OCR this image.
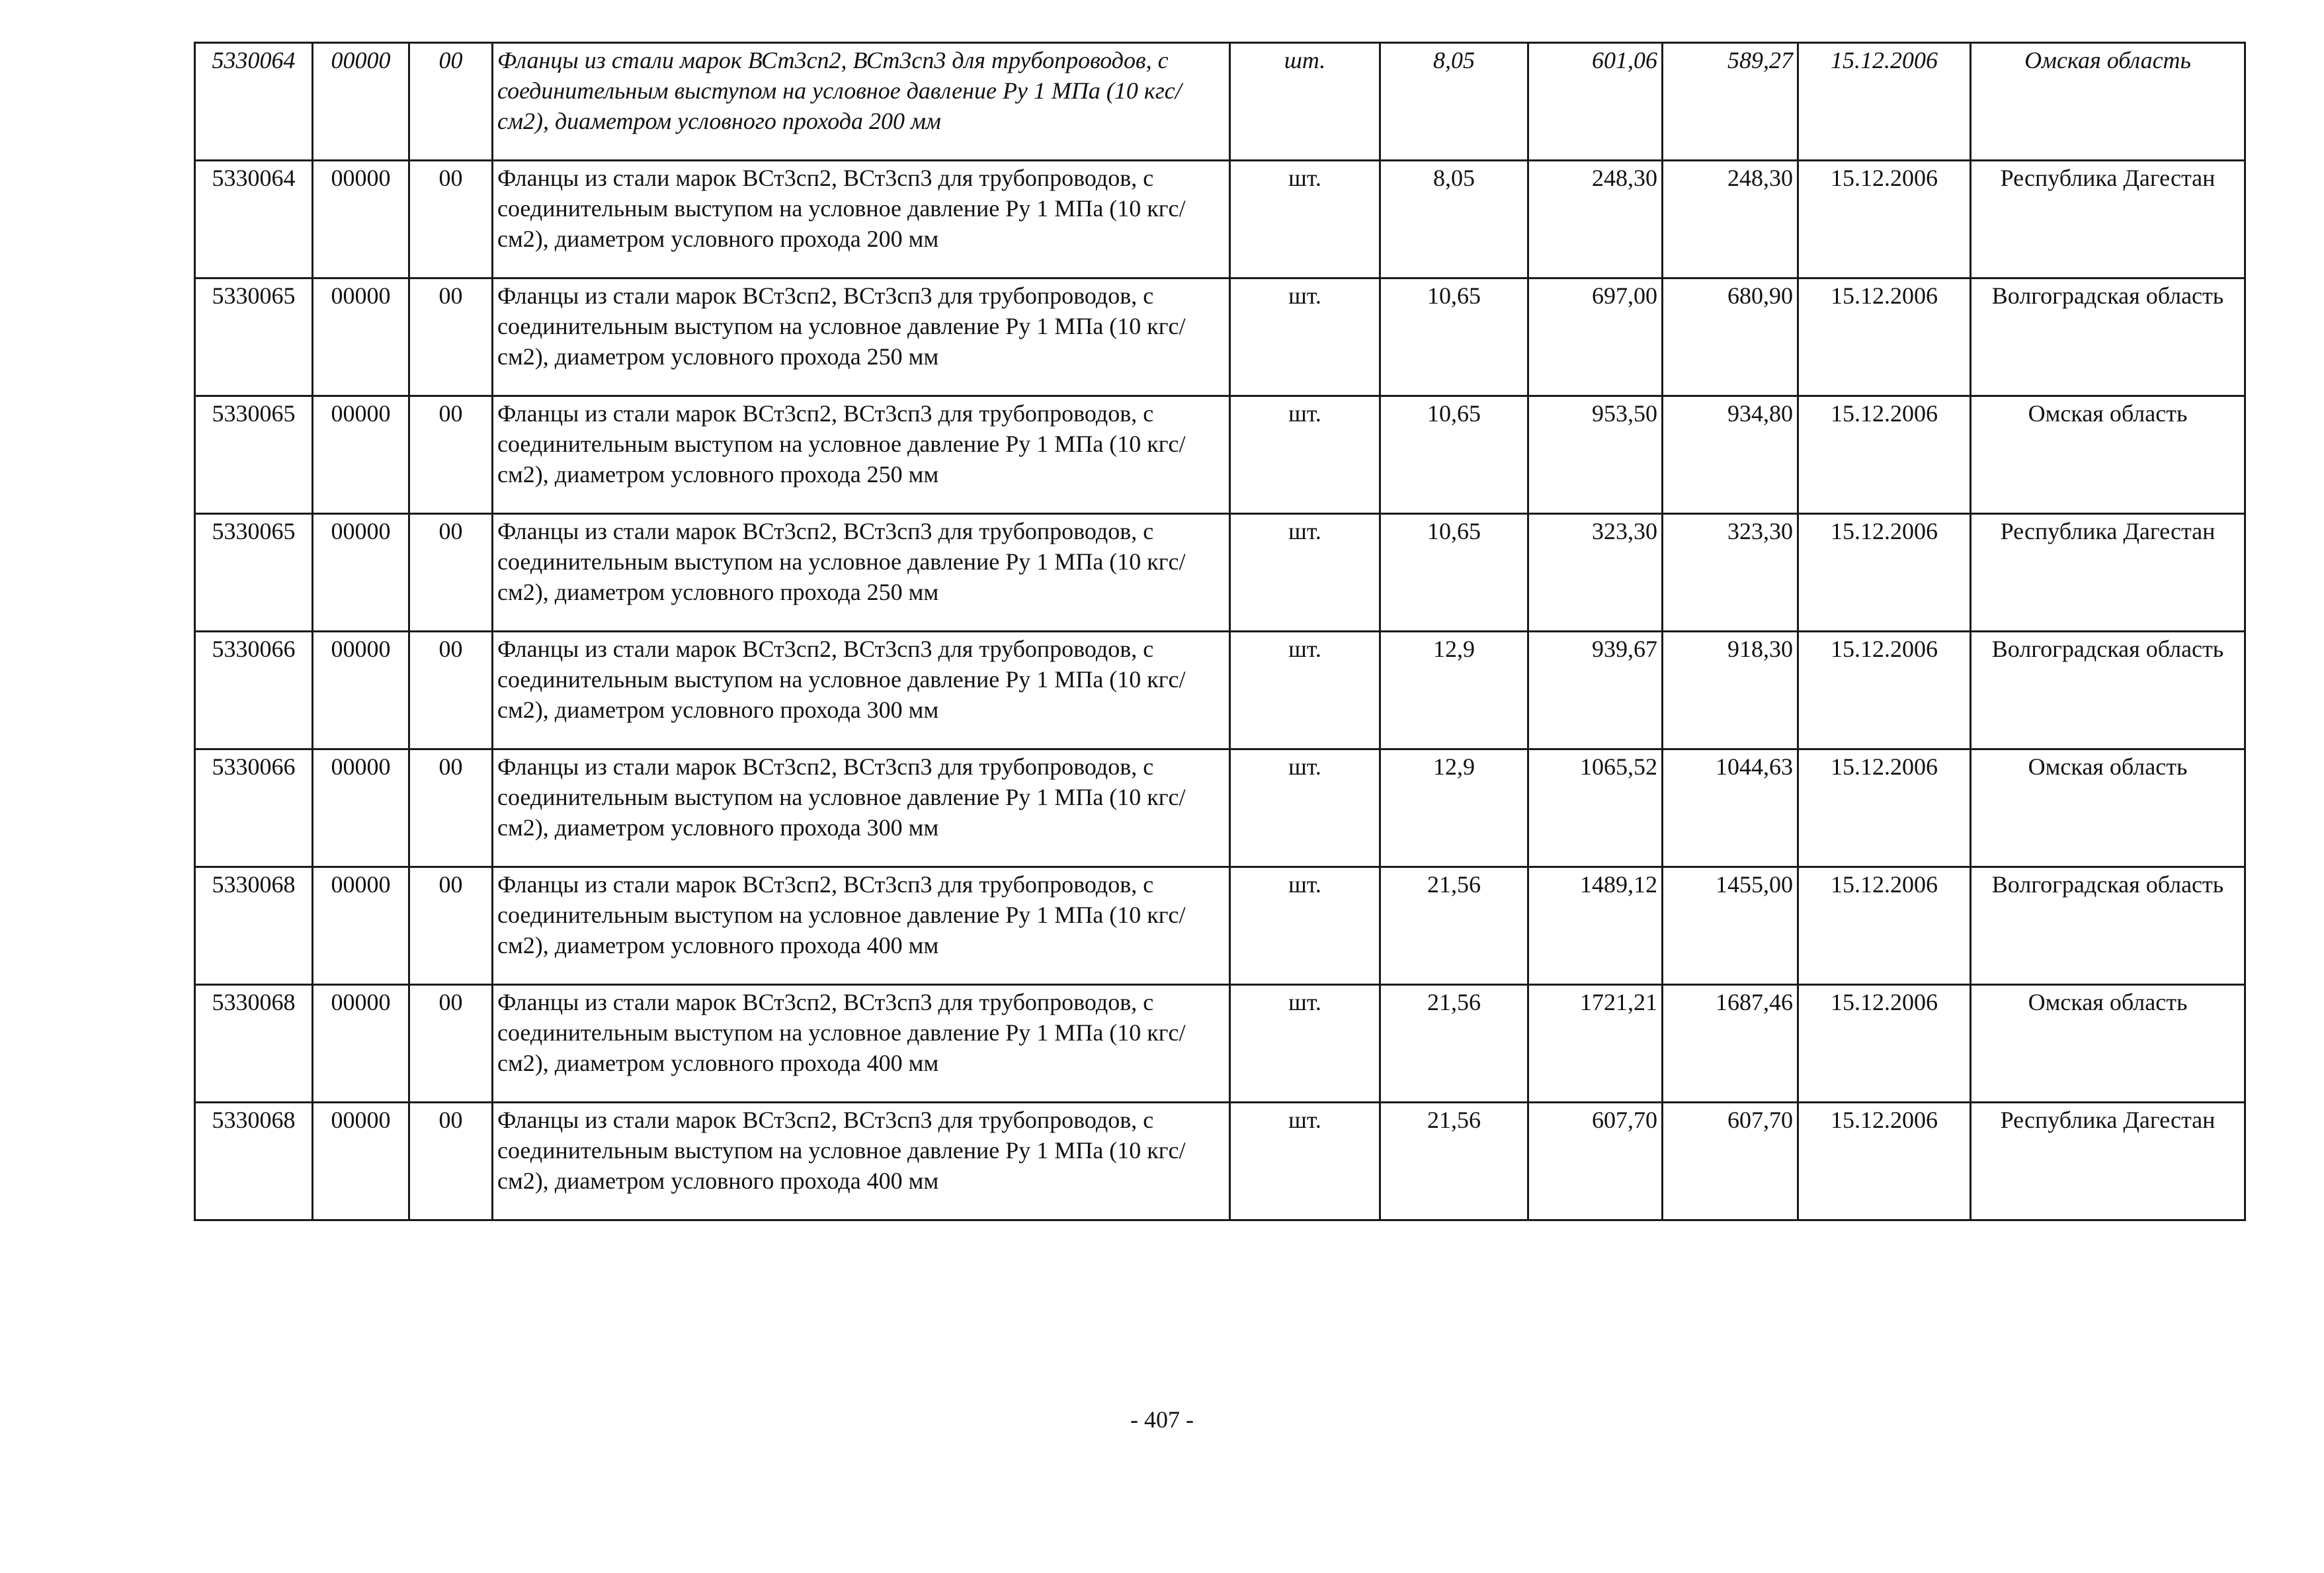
5330064	00000	00	Фланцы из стали марок ВСт3сп2, ВСт3сп3 для трубопроводов, с соединительным выступом на условное давление Ру 1 МПа (10 кгс/см2), диаметром условного прохода 200 мм	шт.	8,05	601,06	589,27	15.12.2006	Омская область
5330064	00000	00	Фланцы из стали марок ВСт3сп2, ВСт3сп3 для трубопроводов, с соединительным выступом на условное давление Ру 1 МПа (10 кгс/см2), диаметром условного прохода 200 мм	шт.	8,05	248,30	248,30	15.12.2006	Республика Дагестан
5330065	00000	00	Фланцы из стали марок ВСт3сп2, ВСт3сп3 для трубопроводов, с соединительным выступом на условное давление Ру 1 МПа (10 кгс/см2), диаметром условного прохода 250 мм	шт.	10,65	697,00	680,90	15.12.2006	Волгоградская область
5330065	00000	00	Фланцы из стали марок ВСт3сп2, ВСт3сп3 для трубопроводов, с соединительным выступом на условное давление Ру 1 МПа (10 кгс/см2), диаметром условного прохода 250 мм	шт.	10,65	953,50	934,80	15.12.2006	Омская область
5330065	00000	00	Фланцы из стали марок ВСт3сп2, ВСт3сп3 для трубопроводов, с соединительным выступом на условное давление Ру 1 МПа (10 кгс/см2), диаметром условного прохода 250 мм	шт.	10,65	323,30	323,30	15.12.2006	Республика Дагестан
5330066	00000	00	Фланцы из стали марок ВСт3сп2, ВСт3сп3 для трубопроводов, с соединительным выступом на условное давление Ру 1 МПа (10 кгс/см2), диаметром условного прохода 300 мм	шт.	12,9	939,67	918,30	15.12.2006	Волгоградская область
5330066	00000	00	Фланцы из стали марок ВСт3сп2, ВСт3сп3 для трубопроводов, с соединительным выступом на условное давление Ру 1 МПа (10 кгс/см2), диаметром условного прохода 300 мм	шт.	12,9	1065,52	1044,63	15.12.2006	Омская область
5330068	00000	00	Фланцы из стали марок ВСт3сп2, ВСт3сп3 для трубопроводов, с соединительным выступом на условное давление Ру 1 МПа (10 кгс/см2), диаметром условного прохода 400 мм	шт.	21,56	1489,12	1455,00	15.12.2006	Волгоградская область
5330068	00000	00	Фланцы из стали марок ВСт3сп2, ВСт3сп3 для трубопроводов, с соединительным выступом на условное давление Ру 1 МПа (10 кгс/см2), диаметром условного прохода 400 мм	шт.	21,56	1721,21	1687,46	15.12.2006	Омская область
5330068	00000	00	Фланцы из стали марок ВСт3сп2, ВСт3сп3 для трубопроводов, с соединительным выступом на условное давление Ру 1 МПа (10 кгс/см2), диаметром условного прохода 400 мм	шт.	21,56	607,70	607,70	15.12.2006	Республика Дагестан
- 407 -
